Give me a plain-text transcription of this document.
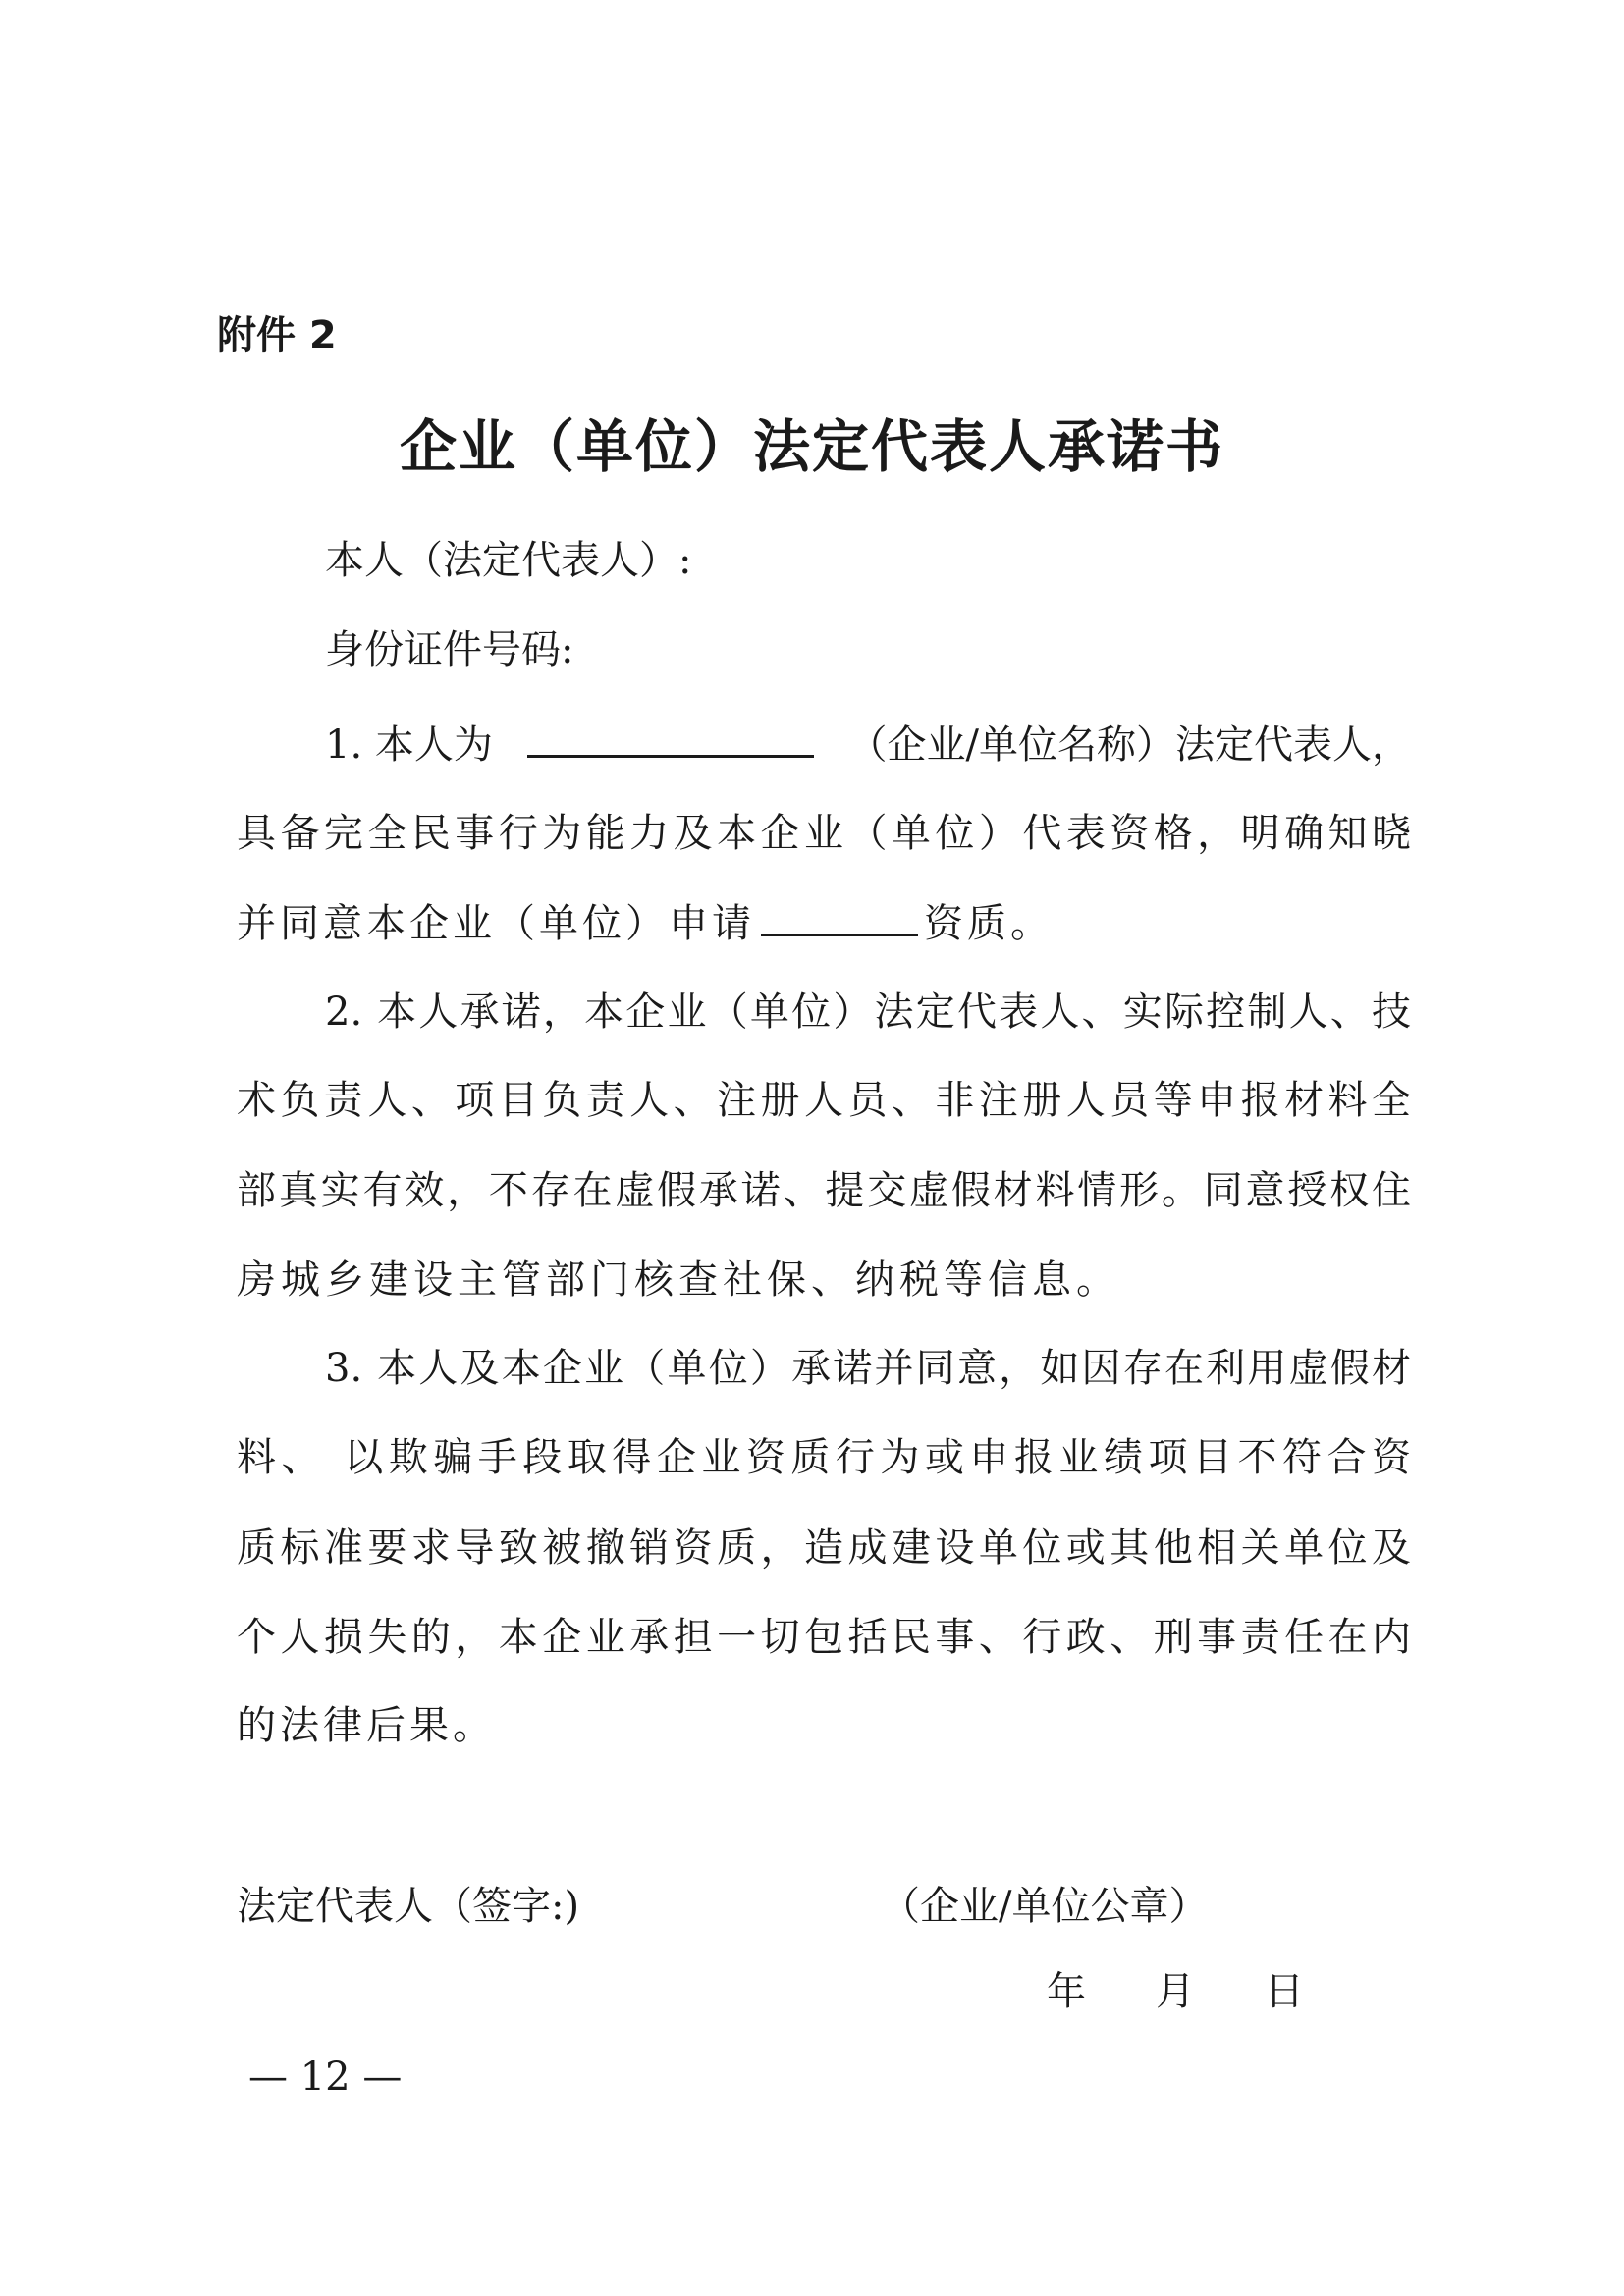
附件 2
企业（单位）法定代表人承诺书
本人（法定代表人）:
身份证件号码:
1. 本人为	（企业/单位名称）法定代表人，
具备完全民事行为能力及本企业（单位）代表资格，明确知晓
并同意本企业（单位）申请	资质。
2. 本人承诺，本企业（单位）法定代表人、实际控制人、技
术负责人、项目负责人、注册人员、非注册人员等申报材料全
部真实有效，不存在虚假承诺、提交虚假材料情形。同意授权住
房城乡建设主管部门核查社保、纳税等信息。
3. 本人及本企业（单位）承诺并同意，如因存在利用虚假材
料、 以欺骗手段取得企业资质行为或申报业绩项目不符合资
质标准要求导致被撤销资质，造成建设单位或其他相关单位及
个人损失的，本企业承担一切包括民事、行政、刑事责任在内
的法律后果。
法定代表人（签字:)	（企业/单位公章）
年 月 日
— 12 —
